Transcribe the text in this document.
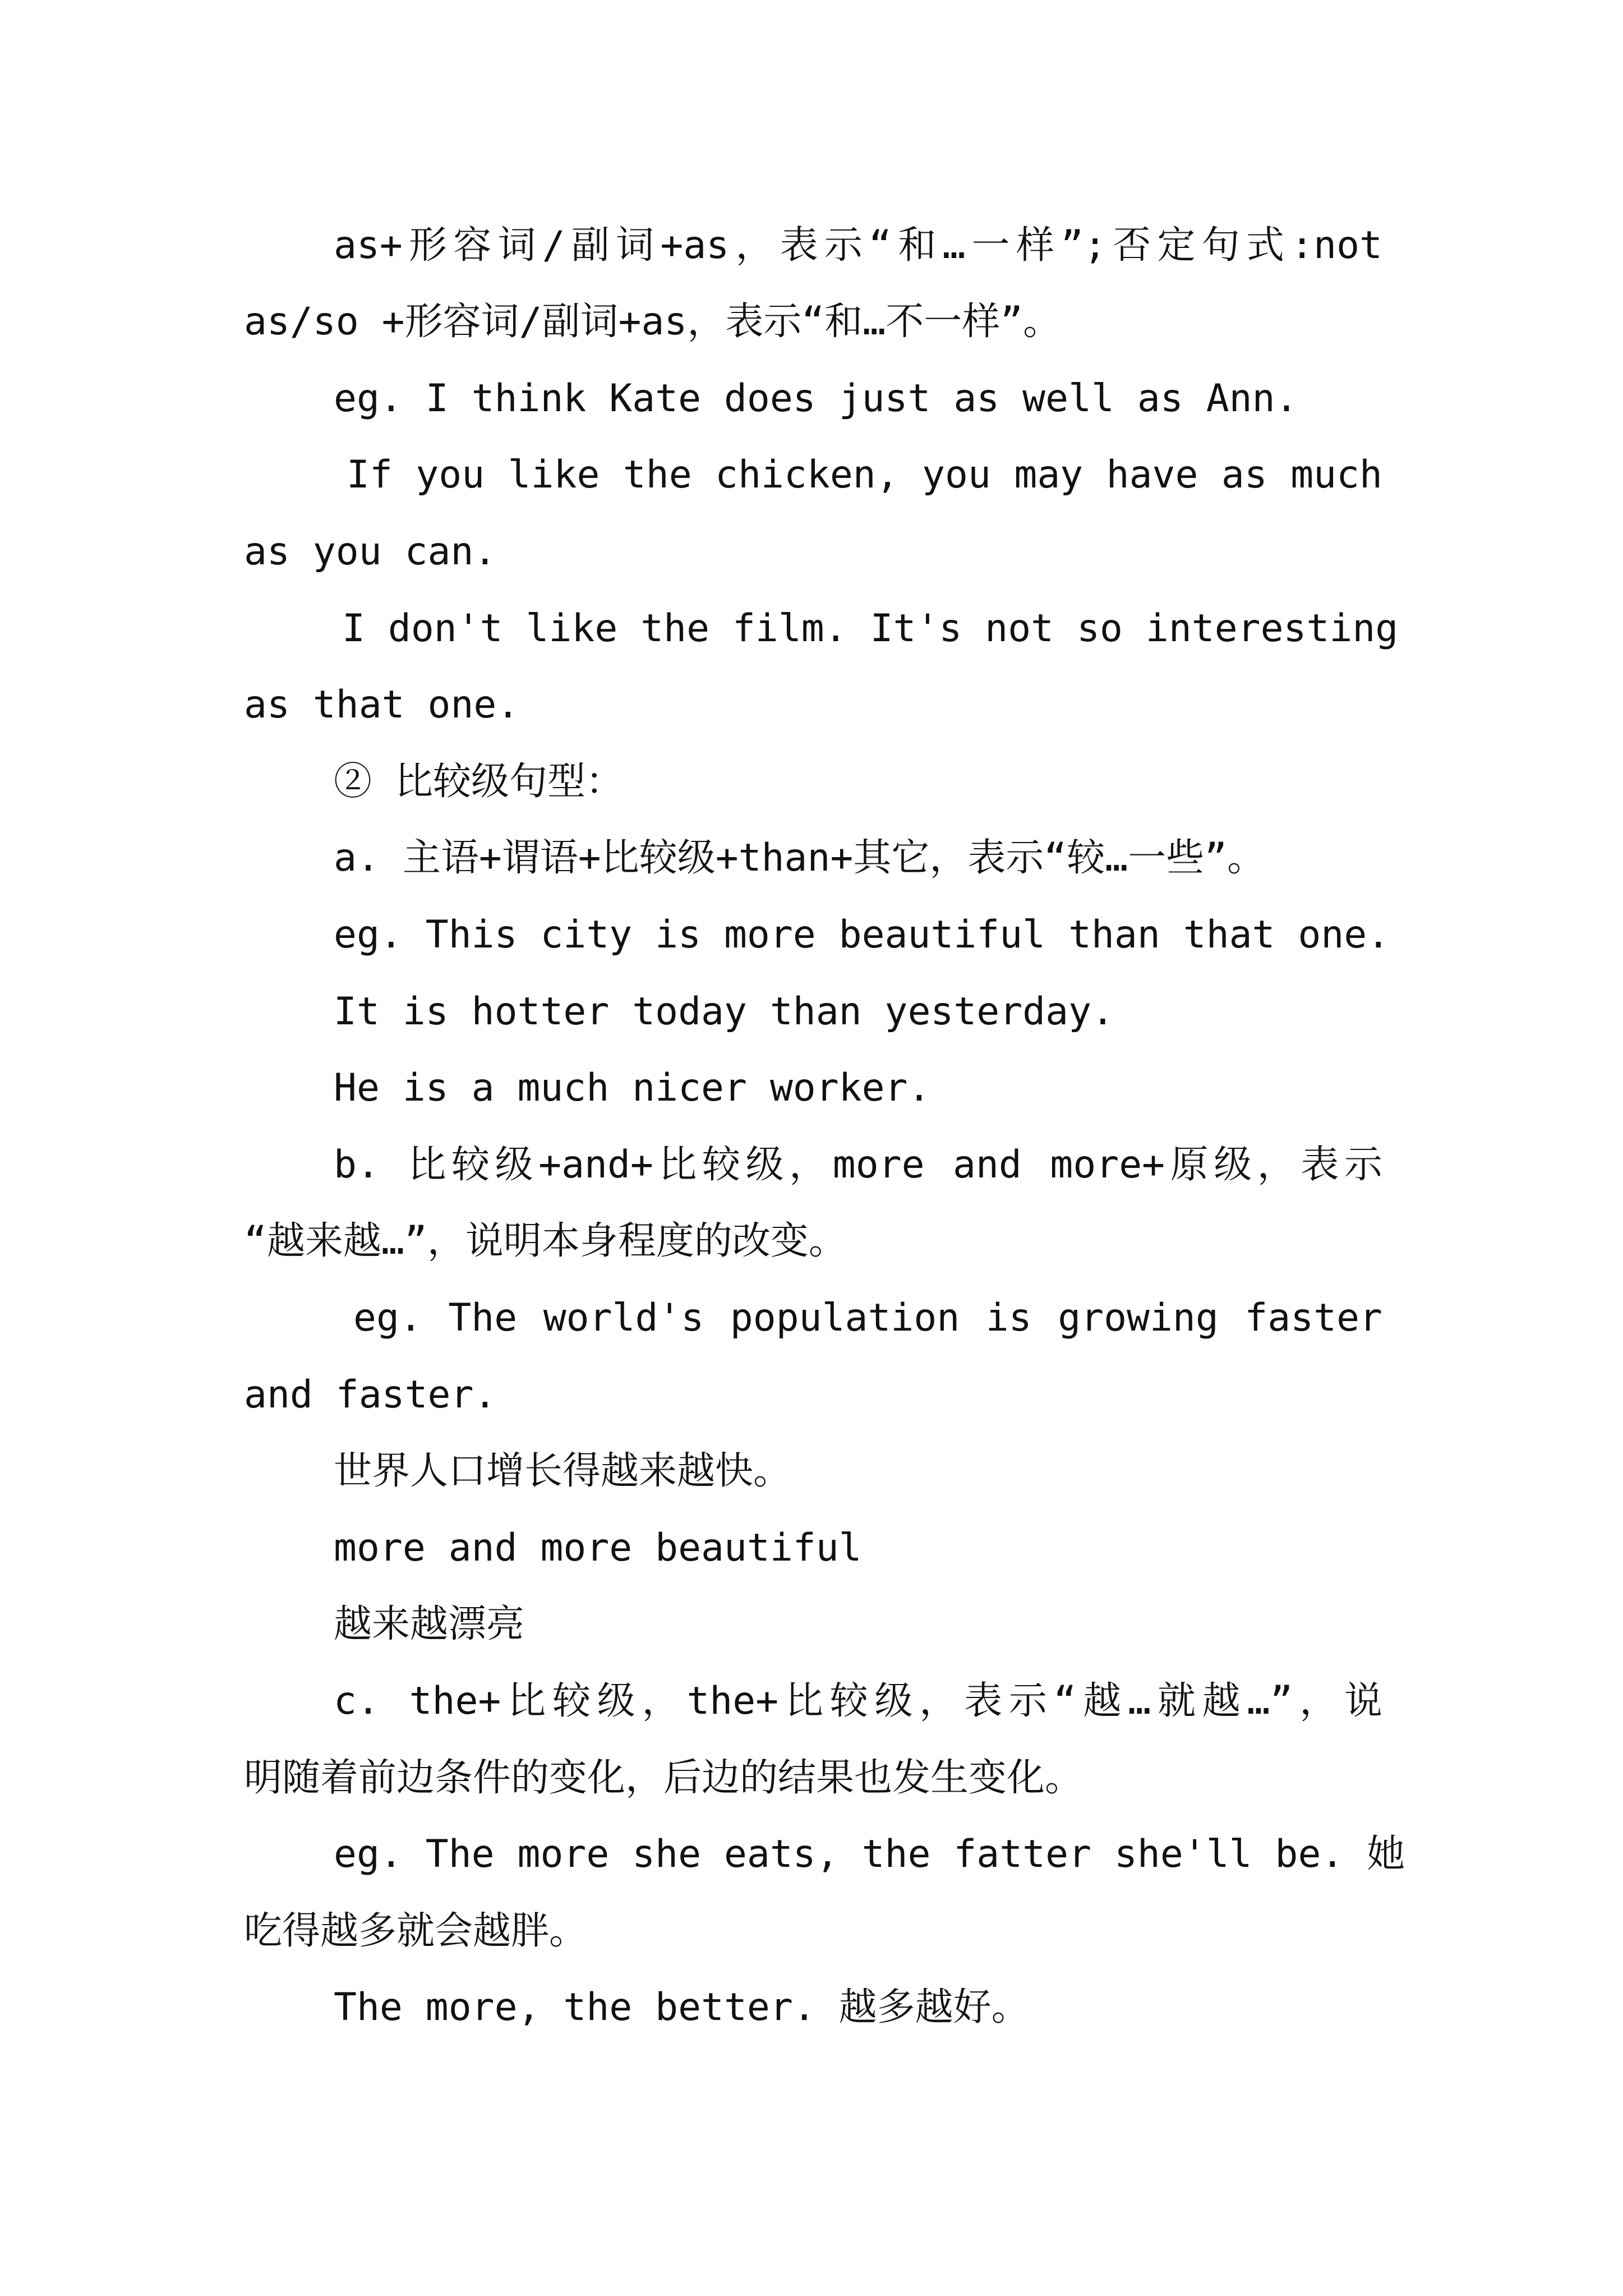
as+形容词/副词+as，表示“和…一样”;否定句式:not

as/so +形容词/副词+as，表示“和…不一样”。

eg. I think Kate does just as well as Ann.

If you like the chicken, you may have as much

as you can.

I don't like the film. It's not so interesting

as that one.

② 比较级句型：

a. 主语+谓语+比较级+than+其它，表示“较…一些”。

eg. This city is more beautiful than that one.

It is hotter today than yesterday.

He is a much nicer worker.

b. 比较级+and+比较级，more and more+原级，表示

“越来越…”，说明本身程度的改变。

eg. The world's population is growing faster

and faster.

世界人口增长得越来越快。

more and more beautiful

越来越漂亮

c. the+比较级，the+比较级，表示“越…就越…”，说

明随着前边条件的变化，后边的结果也发生变化。

eg. The more she eats, the fatter she'll be. 她

吃得越多就会越胖。

The more, the better. 越多越好。
